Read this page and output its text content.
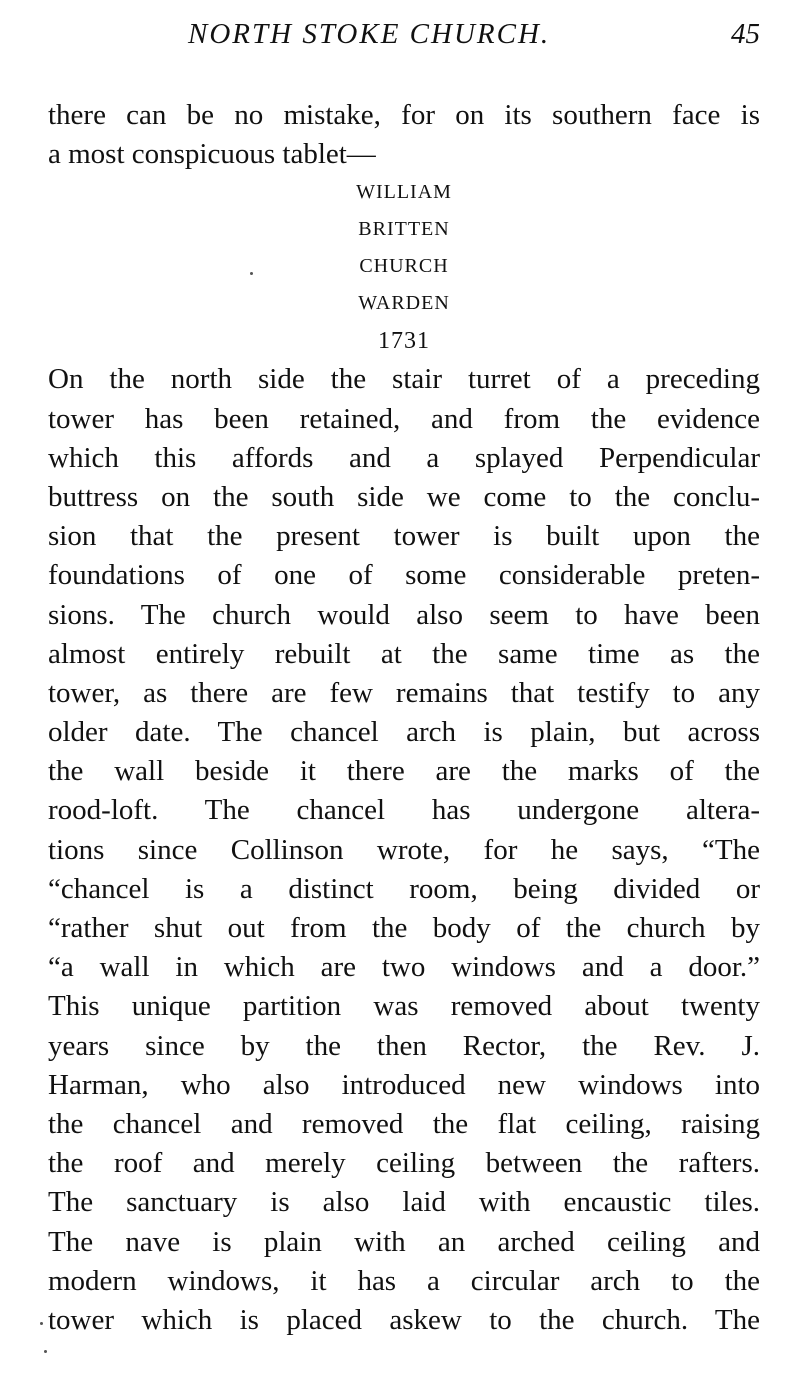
NORTH STOKE CHURCH.	45
there can be no mistake, for on its southern face is
a most conspicuous tablet—
WILLIAM
BRITTEN
CHURCH
WARDEN
1731
On the north side the stair turret of a preceding
tower has been retained, and from the evidence
which this affords and a splayed Perpendicular
buttress on the south side we come to the conclu-
sion that the present tower is built upon the
foundations of one of some considerable preten-
sions. The church would also seem to have been
almost entirely rebuilt at the same time as the
tower, as there are few remains that testify to any
older date. The chancel arch is plain, but across
the wall beside it there are the marks of the
rood-loft. The chancel has undergone altera-
tions since Collinson wrote, for he says, “The
“chancel is a distinct room, being divided or
“rather shut out from the body of the church by
“a wall in which are two windows and a door.”
This unique partition was removed about twenty
years since by the then Rector, the Rev. J.
Harman, who also introduced new windows into
the chancel and removed the flat ceiling, raising
the roof and merely ceiling between the rafters.
The sanctuary is also laid with encaustic tiles.
The nave is plain with an arched ceiling and
modern windows, it has a circular arch to the
tower which is placed askew to the church. The
